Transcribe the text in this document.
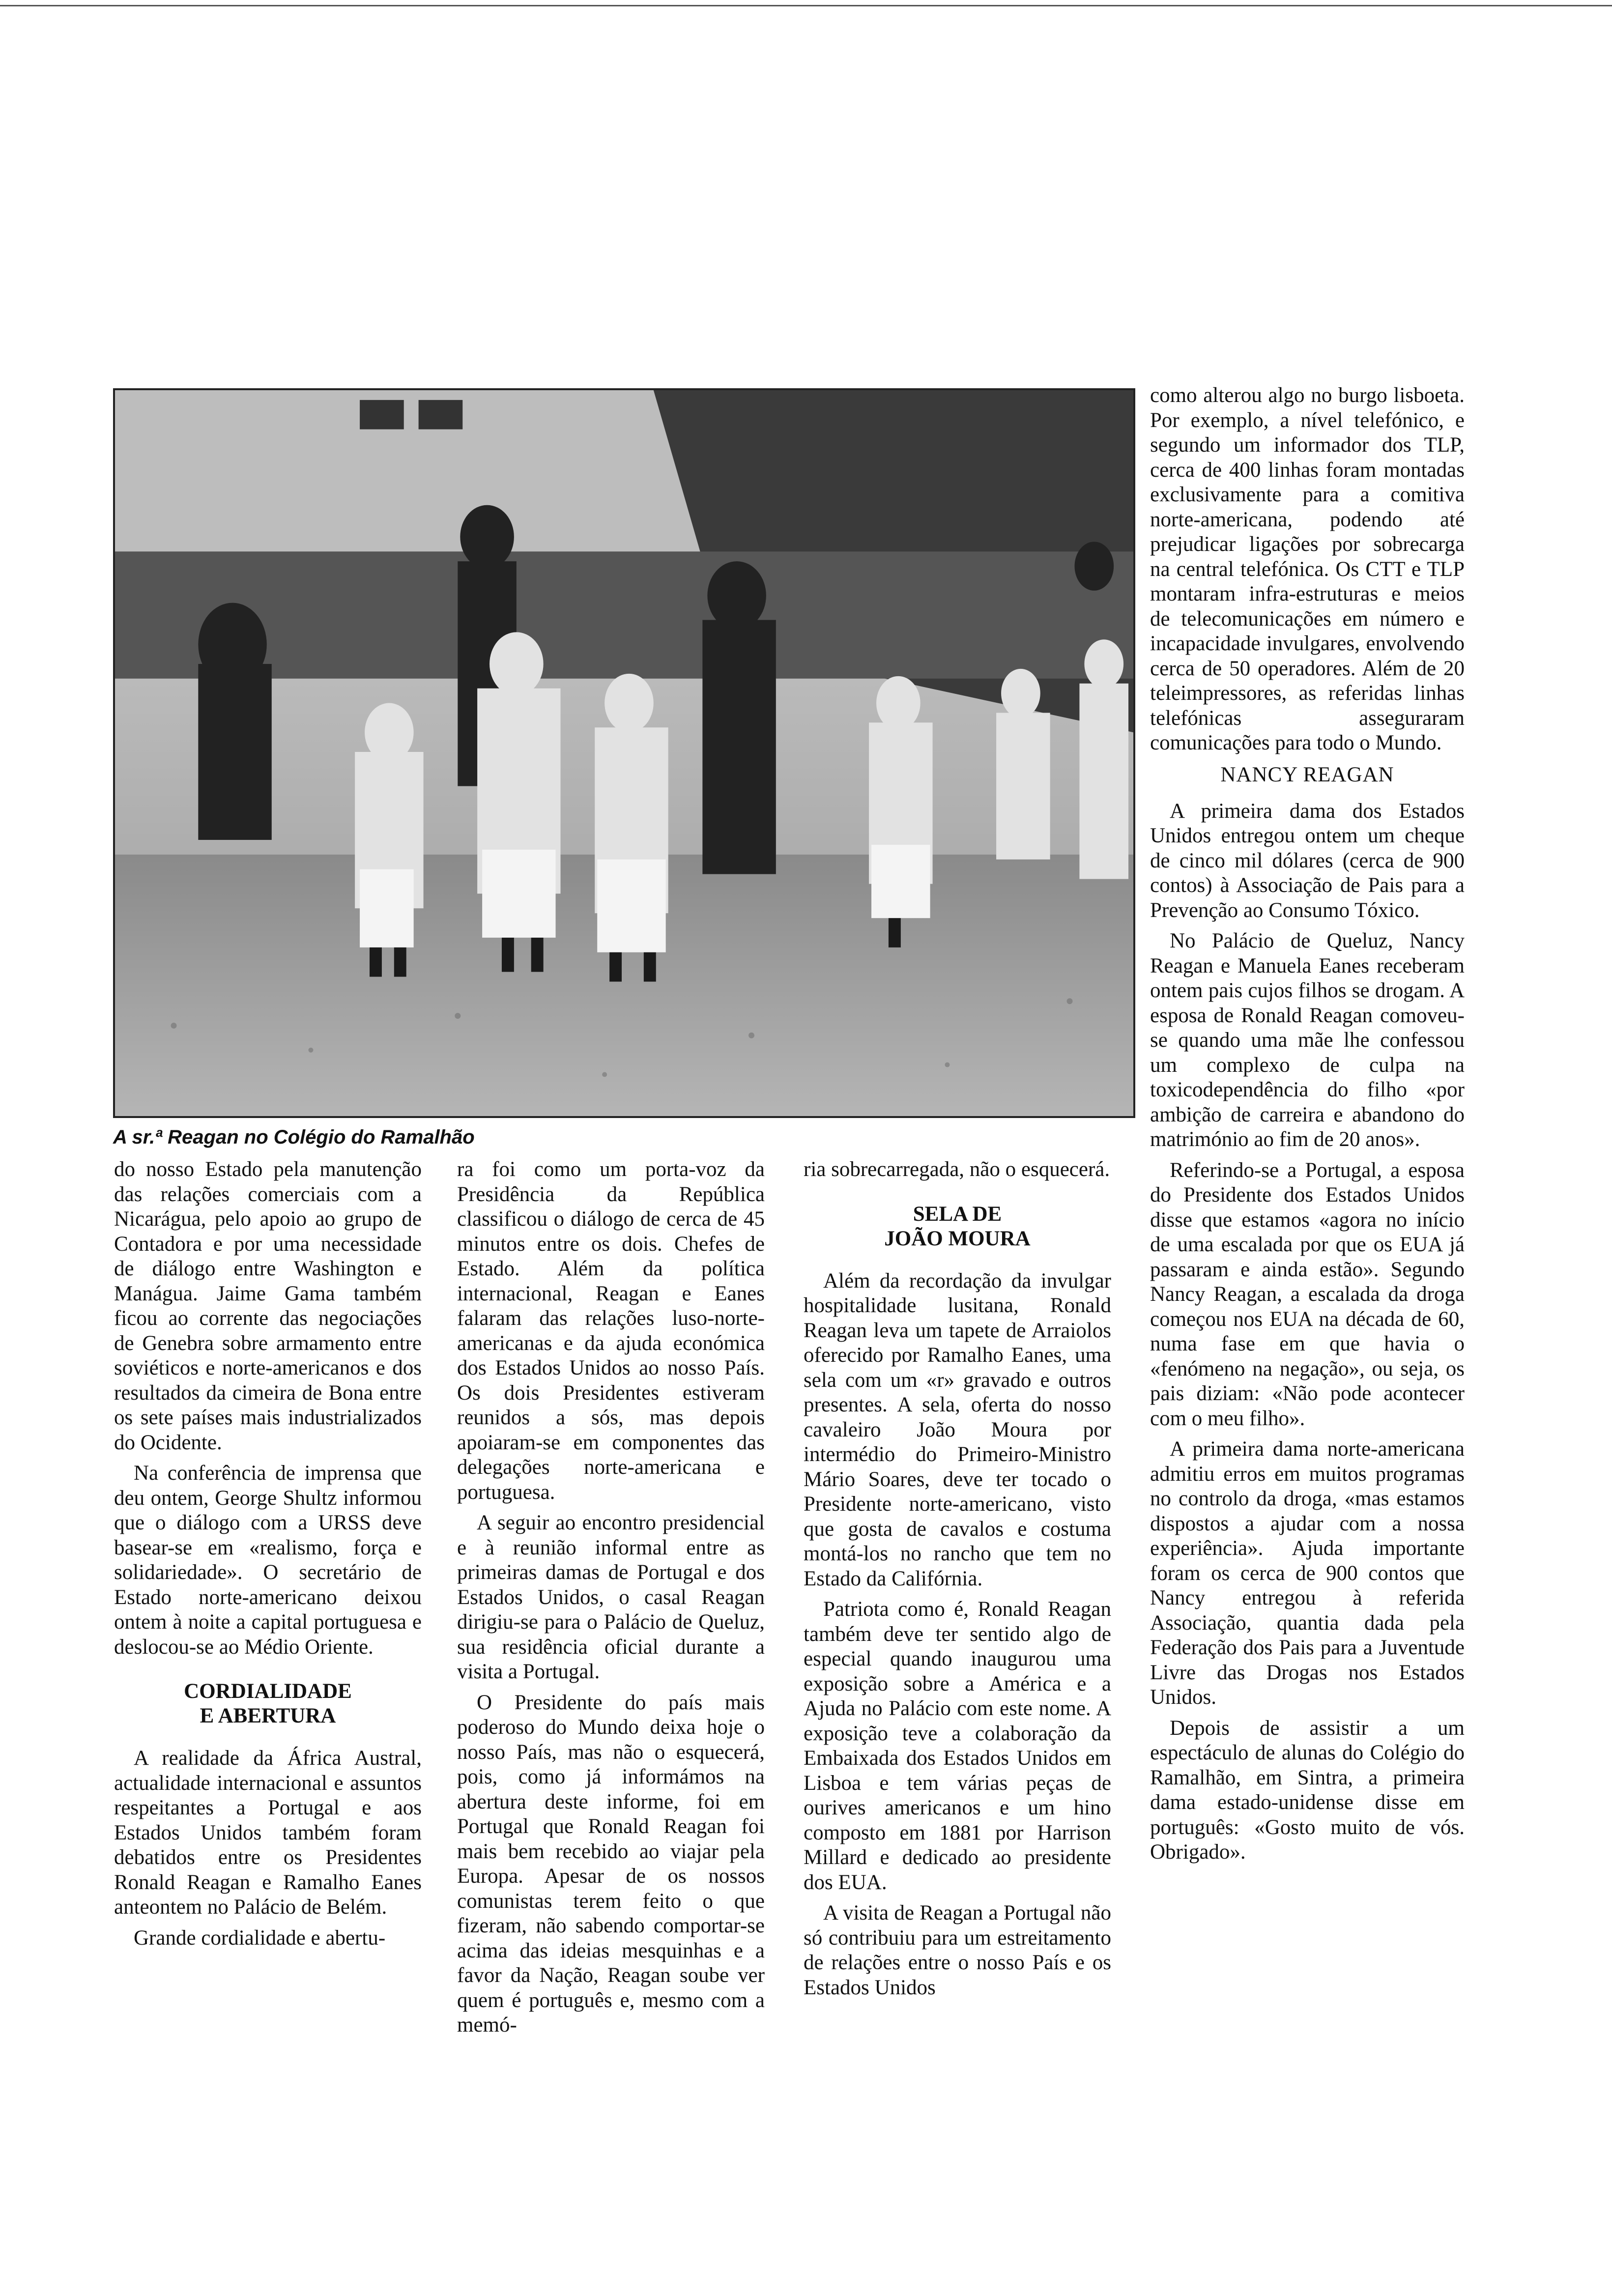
A sr.ª Reagan no Colégio do Ramalhão

do nosso Estado pela manutenção das relações comerciais com a Nicarágua, pelo apoio ao grupo de Contadora e por uma necessidade de diálogo entre Washington e Manágua. Jaime Gama também ficou ao corrente das negociações de Genebra sobre armamento entre soviéticos e norte-americanos e dos resultados da cimeira de Bona entre os sete países mais industrializados do Ocidente.

Na conferência de imprensa que deu ontem, George Shultz informou que o diálogo com a URSS deve basear-se em «realismo, força e solidariedade». O secretário de Estado norte-americano deixou ontem à noite a capital portuguesa e deslocou-se ao Médio Oriente.

CORDIALIDADE
E ABERTURA

A realidade da África Austral, actualidade internacional e assuntos respeitantes a Portugal e aos Estados Unidos também foram debatidos entre os Presidentes Ronald Reagan e Ramalho Eanes anteontem no Palácio de Belém.

Grande cordialidade e abertu-

ra foi como um porta-voz da Presidência da República classificou o diálogo de cerca de 45 minutos entre os dois. Chefes de Estado. Além da política internacional, Reagan e Eanes falaram das relações luso-norte-americanas e da ajuda económica dos Estados Unidos ao nosso País. Os dois Presidentes estiveram reunidos a sós, mas depois apoiaram-se em componentes das delegações norte-americana e portuguesa.

A seguir ao encontro presidencial e à reunião informal entre as primeiras damas de Portugal e dos Estados Unidos, o casal Reagan dirigiu-se para o Palácio de Queluz, sua residência oficial durante a visita a Portugal.

O Presidente do país mais poderoso do Mundo deixa hoje o nosso País, mas não o esquecerá, pois, como já informámos na abertura deste informe, foi em Portugal que Ronald Reagan foi mais bem recebido ao viajar pela Europa. Apesar de os nossos comunistas terem feito o que fizeram, não sabendo comportar-se acima das ideias mesquinhas e a favor da Nação, Reagan soube ver quem é português e, mesmo com a memó-

ria sobrecarregada, não o esquecerá.

SELA DE
JOÃO MOURA

Além da recordação da invulgar hospitalidade lusitana, Ronald Reagan leva um tapete de Arraiolos oferecido por Ramalho Eanes, uma sela com um «r» gravado e outros presentes. A sela, oferta do nosso cavaleiro João Moura por intermédio do Primeiro-Ministro Mário Soares, deve ter tocado o Presidente norte-americano, visto que gosta de cavalos e costuma montá-los no rancho que tem no Estado da Califórnia.

Patriota como é, Ronald Reagan também deve ter sentido algo de especial quando inaugurou uma exposição sobre a América e a Ajuda no Palácio com este nome. A exposição teve a colaboração da Embaixada dos Estados Unidos em Lisboa e tem várias peças de ourives americanos e um hino composto em 1881 por Harrison Millard e dedicado ao presidente dos EUA.

A visita de Reagan a Portugal não só contribuiu para um estreitamento de relações entre o nosso País e os Estados Unidos

como alterou algo no burgo lisboeta. Por exemplo, a nível telefónico, e segundo um informador dos TLP, cerca de 400 linhas foram montadas exclusivamente para a comitiva norte-americana, podendo até prejudicar ligações por sobrecarga na central telefónica. Os CTT e TLP montaram infra-estruturas e meios de telecomunicações em número e incapacidade invulgares, envolvendo cerca de 50 operadores. Além de 20 teleimpressores, as referidas linhas telefónicas asseguraram comunicações para todo o Mundo.

NANCY REAGAN

A primeira dama dos Estados Unidos entregou ontem um cheque de cinco mil dólares (cerca de 900 contos) à Associação de Pais para a Prevenção ao Consumo Tóxico.

No Palácio de Queluz, Nancy Reagan e Manuela Eanes receberam ontem pais cujos filhos se drogam. A esposa de Ronald Reagan comoveu-se quando uma mãe lhe confessou um complexo de culpa na toxicodependência do filho «por ambição de carreira e abandono do matrimónio ao fim de 20 anos».

Referindo-se a Portugal, a esposa do Presidente dos Estados Unidos disse que estamos «agora no início de uma escalada por que os EUA já passaram e ainda estão». Segundo Nancy Reagan, a escalada da droga começou nos EUA na década de 60, numa fase em que havia o «fenómeno na negação», ou seja, os pais diziam: «Não pode acontecer com o meu filho».

A primeira dama norte-americana admitiu erros em muitos programas no controlo da droga, «mas estamos dispostos a ajudar com a nossa experiência». Ajuda importante foram os cerca de 900 contos que Nancy entregou à referida Associação, quantia dada pela Federação dos Pais para a Juventude Livre das Drogas nos Estados Unidos.

Depois de assistir a um espectáculo de alunas do Colégio do Ramalhão, em Sintra, a primeira dama estado-unidense disse em português: «Gosto muito de vós. Obrigado».
